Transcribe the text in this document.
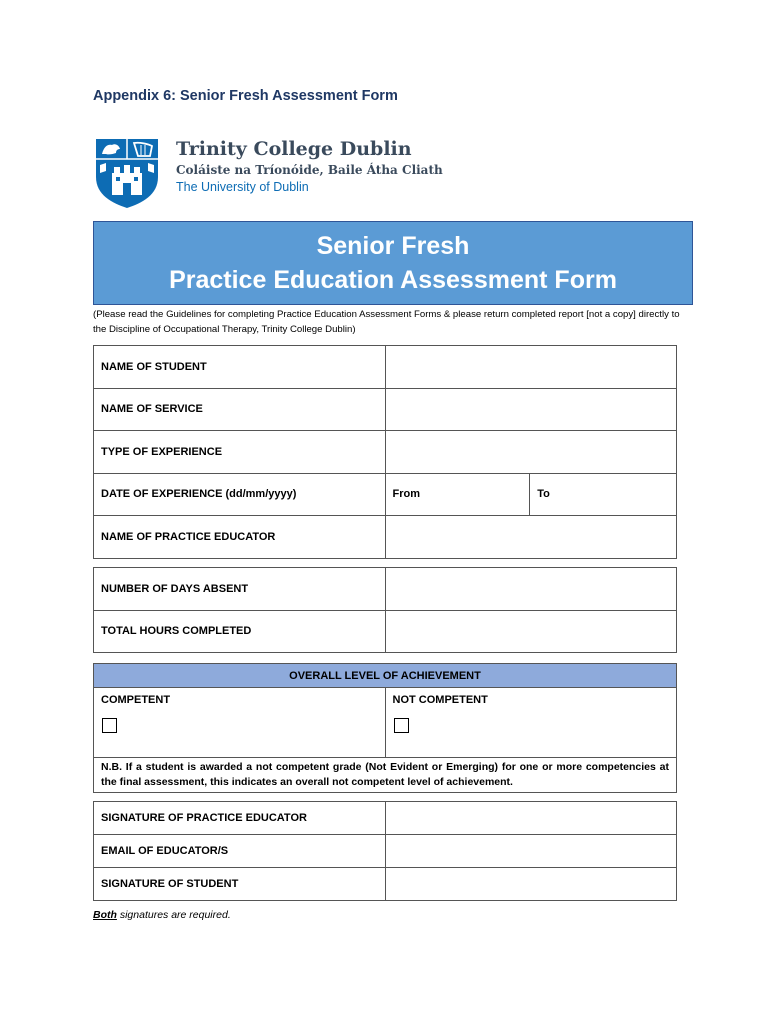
Appendix 6: Senior Fresh Assessment Form
Trinity College Dublin
Coláiste na Tríonóide, Baile Átha Cliath
The University of Dublin
Senior Fresh
Practice Education Assessment Form
(Please read the Guidelines for completing Practice Education Assessment Forms & please return completed report [not a copy] directly to the Discipline of Occupational Therapy, Trinity College Dublin)
NAME OF STUDENT		
NAME OF SERVICE		
TYPE OF EXPERIENCE		
DATE OF EXPERIENCE (dd/mm/yyyy)	From	To
NAME OF PRACTICE EDUCATOR		
NUMBER OF DAYS ABSENT	
TOTAL HOURS COMPLETED	
OVERALL LEVEL OF ACHIEVEMENT
COMPETENT	NOT COMPETENT

N.B. If a student is awarded a not competent grade (Not Evident or Emerging) for one or more competencies at the final assessment, this indicates an overall not competent level of achievement.
SIGNATURE OF PRACTICE EDUCATOR	
EMAIL OF EDUCATOR/S	
SIGNATURE OF STUDENT	
Both signatures are required.
